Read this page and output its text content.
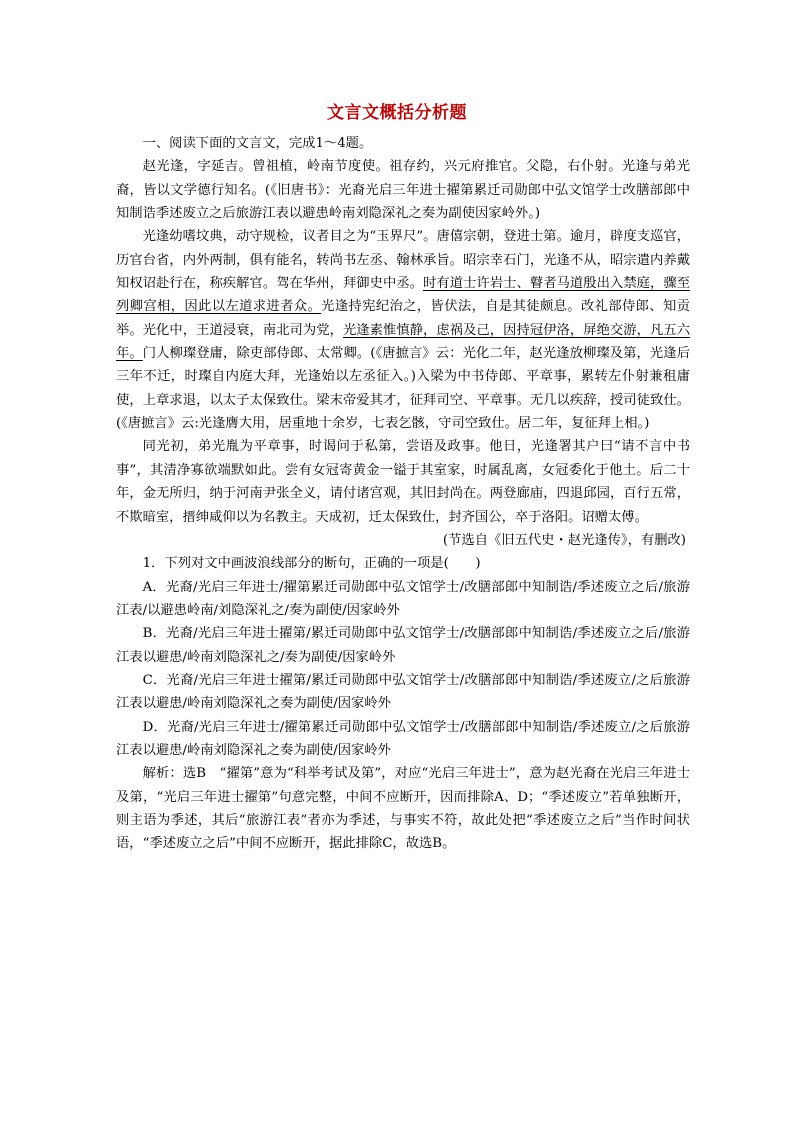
文言文概括分析题

一、阅读下面的文言文，完成1～4题。

赵光逢，字延吉。曾祖植，岭南节度使。祖存约，兴元府推官。父隐，右仆射。光逢与弟光裔，皆以文学德行知名。(《旧唐书》：光裔光启三年进士擢第累迁司勋郎中弘文馆学士改膳部郎中知制诰季述废立之后旅游江表以避患岭南刘隐深礼之奏为副使因家岭外。)

光逢幼嗜坟典，动守规检，议者目之为“玉界尺”。唐僖宗朝，登进士第。逾月，辟度支巡官，历官台省，内外两制，俱有能名，转尚书左丞、翰林承旨。昭宗幸石门，光逢不从，昭宗遣内养戴知权诏赴行在，称疾解官。驾在华州，拜御史中丞。时有道士许岩士、瞽者马道殷出入禁庭，骤至列卿宫相，因此以左道求进者众。光逢持宪纪治之，皆伏法，自是其徒颇息。改礼部侍郎、知贡举。光化中，王道浸衰，南北司为党，光逢素惟慎静，虑祸及己，因持冠伊洛，屏绝交游，凡五六年。门人柳璨登庸，除吏部侍郎、太常卿。(《唐摭言》云：光化二年，赵光逢放柳璨及第，光逢后三年不迁，时璨自内庭大拜，光逢始以左丞征入。)入梁为中书侍郎、平章事，累转左仆射兼租庸使，上章求退，以太子太保致仕。梁末帝爱其才，征拜司空、平章事。无几以疾辞，授司徒致仕。(《唐摭言》云:光逢膺大用，居重地十余岁，七表乞骸，守司空致仕。居二年，复征拜上相。)

同光初，弟光胤为平章事，时谒问于私第，尝语及政事。他日，光逢署其户曰“请不言中书事”，其清净寡欲端默如此。尝有女冠寄黄金一镒于其室家，时属乱离，女冠委化于他土。后二十年，金无所归，纳于河南尹张全义，请付诸宫观，其旧封尚在。两登廊庙，四退邱园，百行五常，不欺暗室，搢绅咸仰以为名教主。天成初，迁太保致仕，封齐国公，卒于洛阳。诏赠太傅。

(节选自《旧五代史・赵光逢传》，有删改)

1．下列对文中画波浪线部分的断句，正确的一项是(　　)

A．光裔/光启三年进士/擢第累迁司勋郎中弘文馆学士/改膳部郎中知制诰/季述废立之后/旅游江表/以避患岭南/刘隐深礼之/奏为副使/因家岭外

B．光裔/光启三年进士擢第/累迁司勋郎中弘文馆学士/改膳部郎中知制诰/季述废立之后/旅游江表以避患/岭南刘隐深礼之/奏为副使/因家岭外

C．光裔/光启三年进士擢第/累迁司勋郎中弘文馆学士/改膳部郎中知制诰/季述废立/之后旅游江表以避患/岭南刘隐深礼之奏为副使/因家岭外

D．光裔/光启三年进士/擢第累迁司勋郎中弘文馆学士/改膳部郎中知制诰/季述废立/之后旅游江表以避患/岭南刘隐深礼之奏为副使/因家岭外

解析：选B　“擢第”意为“科举考试及第”，对应“光启三年进士”，意为赵光裔在光启三年进士及第，“光启三年进士擢第”句意完整，中间不应断开，因而排除A、D；“季述废立”若单独断开，则主语为季述，其后“旅游江表”者亦为季述，与事实不符，故此处把“季述废立之后”当作时间状语，“季述废立之后”中间不应断开，据此排除C，故选B。
